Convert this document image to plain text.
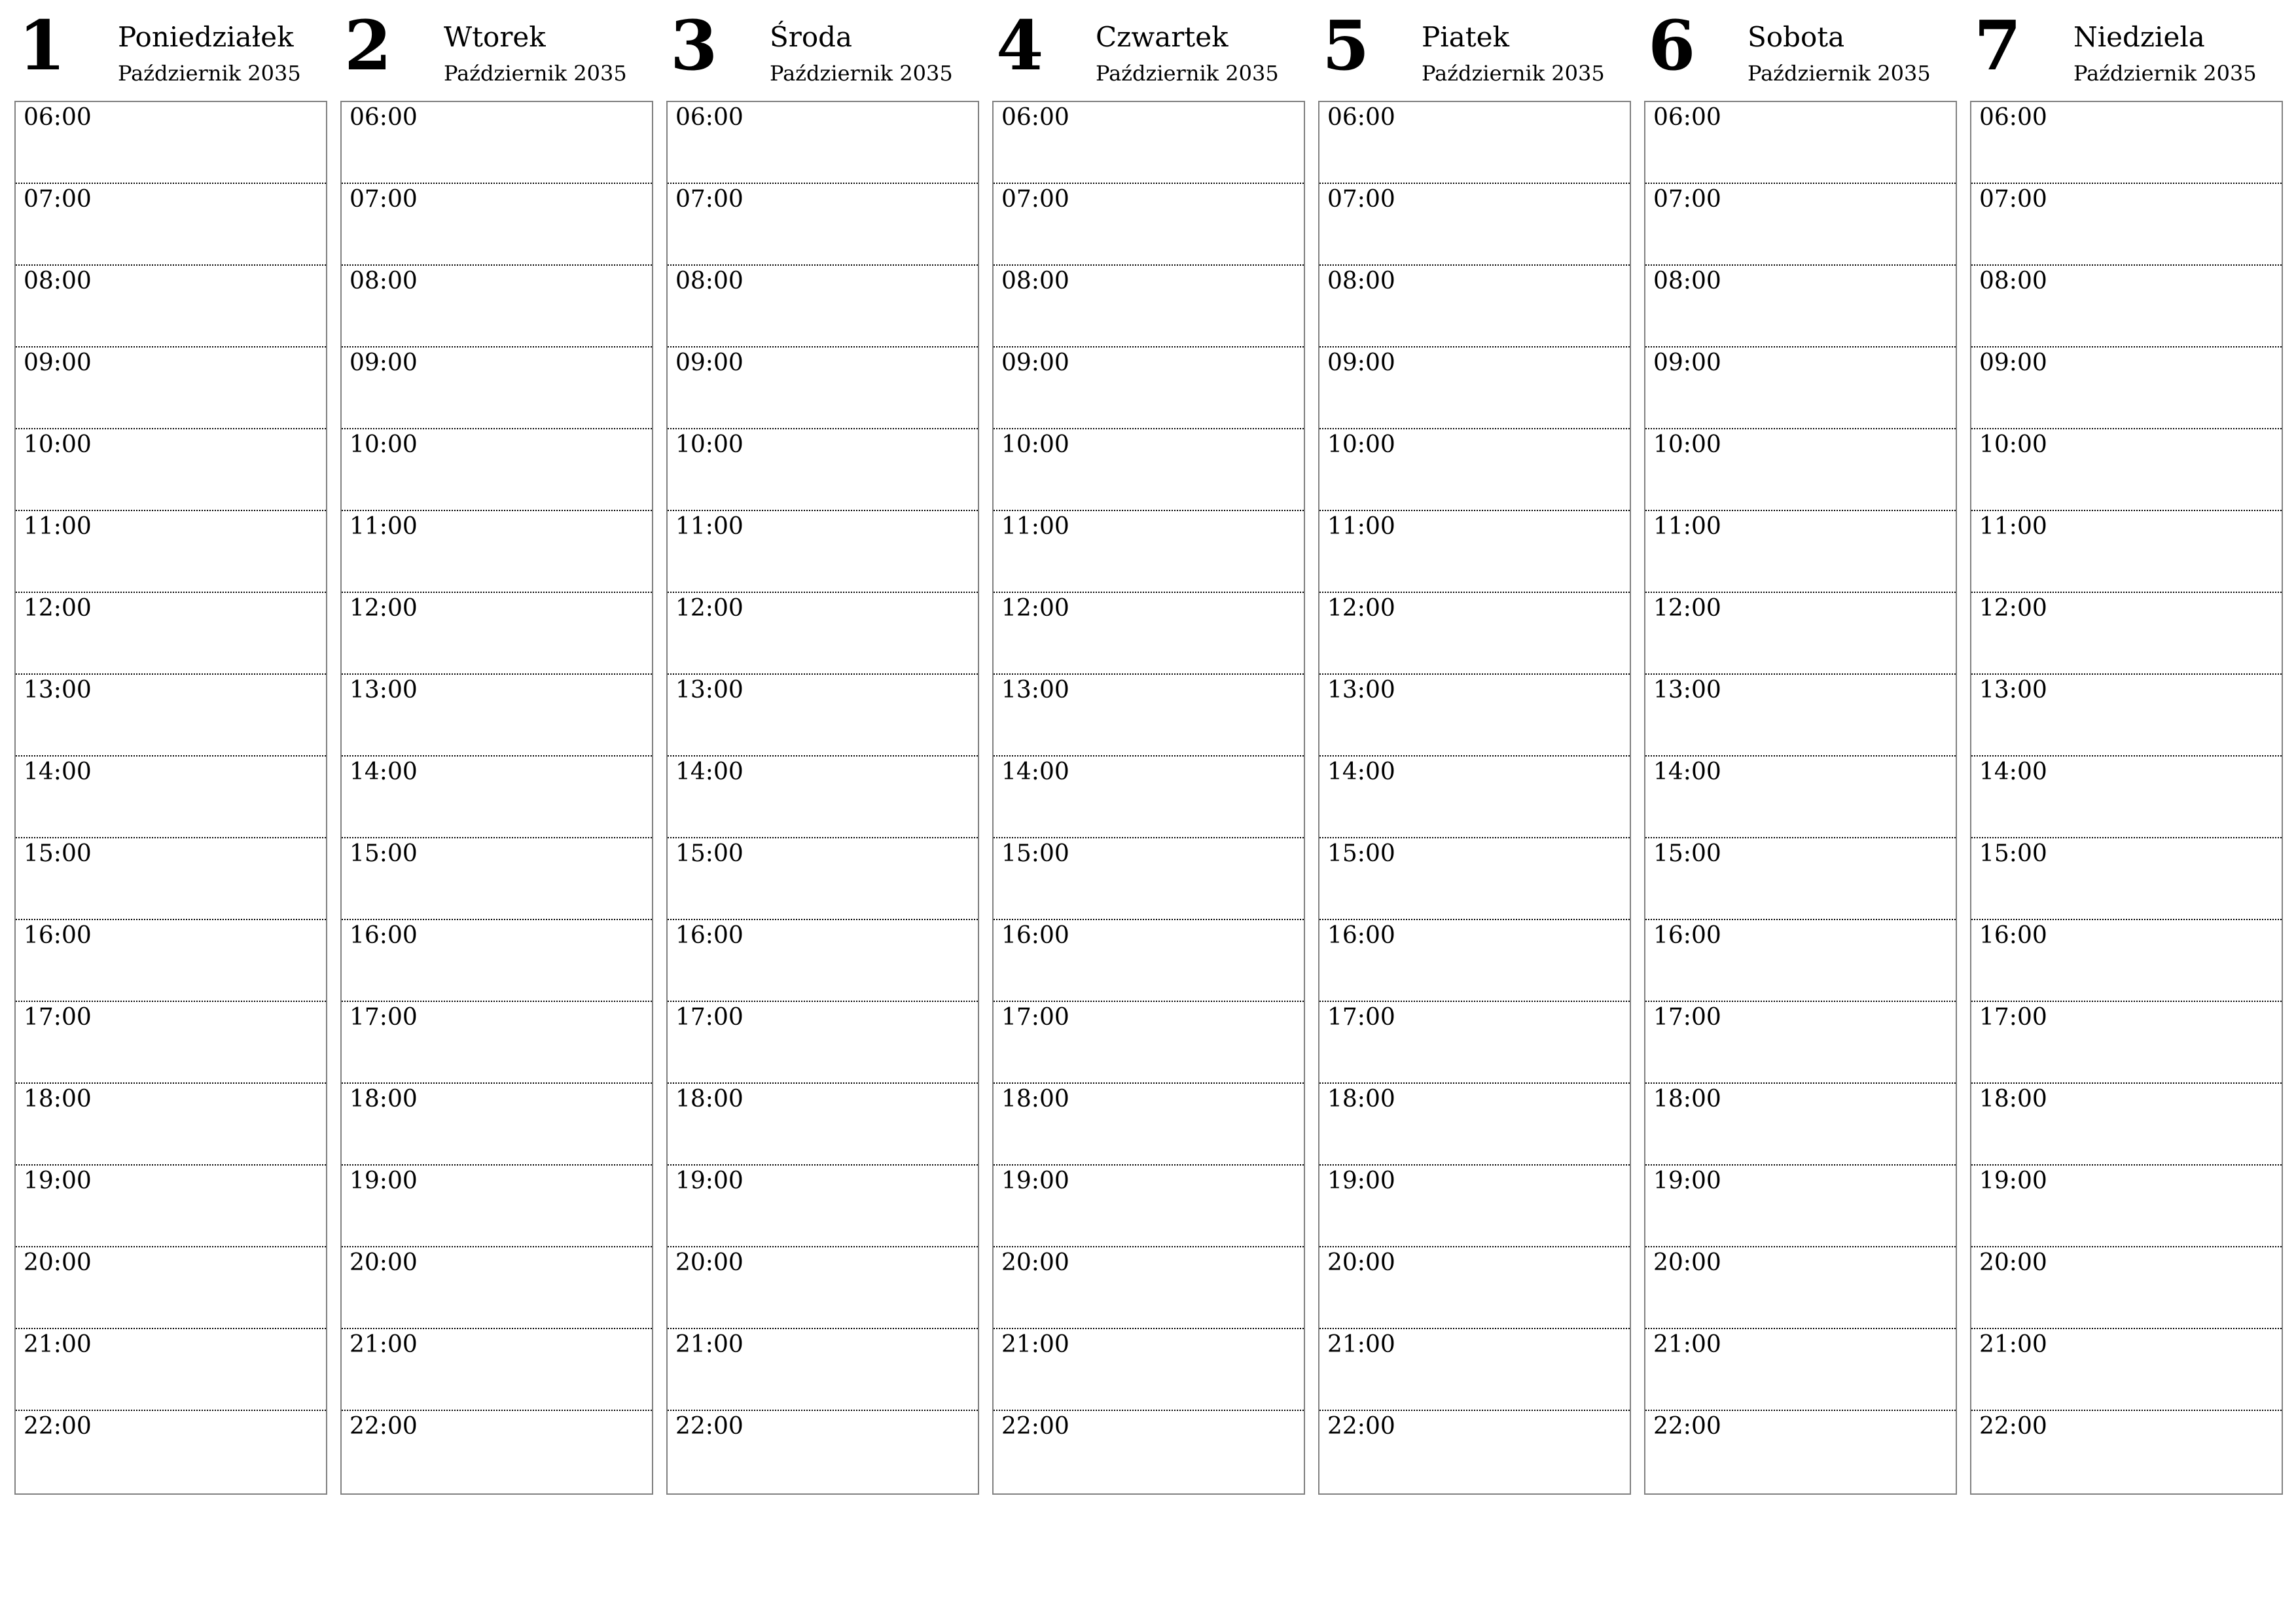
1 Poniedziałek
Październik 2035
06:00
07:00
08:00
09:00
10:00
11:00
12:00
13:00
14:00
15:00
16:00
17:00
18:00
19:00
20:00
21:00
22:00
2 Wtorek
Październik 2035
06:00
07:00
08:00
09:00
10:00
11:00
12:00
13:00
14:00
15:00
16:00
17:00
18:00
19:00
20:00
21:00
22:00
3 Środa
Październik 2035
06:00
07:00
08:00
09:00
10:00
11:00
12:00
13:00
14:00
15:00
16:00
17:00
18:00
19:00
20:00
21:00
22:00
4 Czwartek
Październik 2035
06:00
07:00
08:00
09:00
10:00
11:00
12:00
13:00
14:00
15:00
16:00
17:00
18:00
19:00
20:00
21:00
22:00
5 Piatek
Październik 2035
06:00
07:00
08:00
09:00
10:00
11:00
12:00
13:00
14:00
15:00
16:00
17:00
18:00
19:00
20:00
21:00
22:00
6 Sobota
Październik 2035
06:00
07:00
08:00
09:00
10:00
11:00
12:00
13:00
14:00
15:00
16:00
17:00
18:00
19:00
20:00
21:00
22:00
7 Niedziela
Październik 2035
06:00
07:00
08:00
09:00
10:00
11:00
12:00
13:00
14:00
15:00
16:00
17:00
18:00
19:00
20:00
21:00
22:00
